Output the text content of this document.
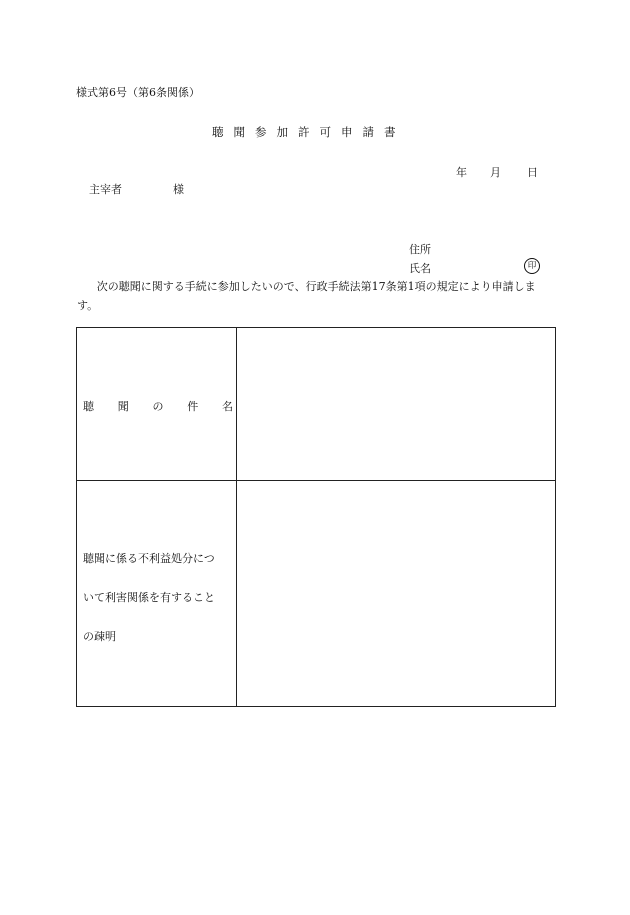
様式第6号（第6条関係）
聴聞参加許可申請書
年 月 日
主宰者	様
住所
氏名	印
次の聴聞に関する手続に参加したいので、行政手続法第17条第1項の規定により申請します。
聴 聞 の 件 名
聴聞に係る不利益処分につ
いて利害関係を有すること
の疎明
